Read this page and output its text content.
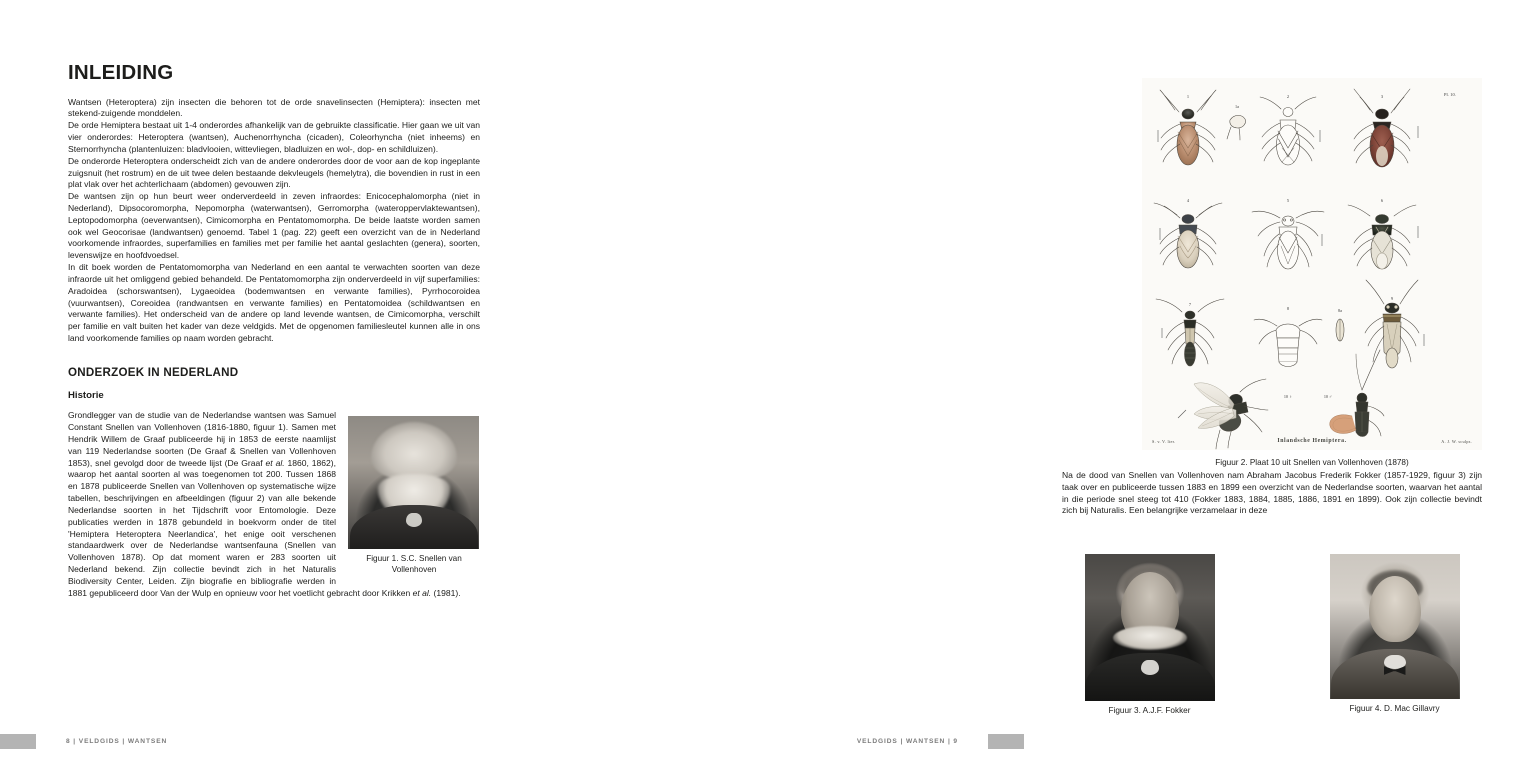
INLEIDING

Wantsen (Heteroptera) zijn insecten die behoren tot de orde snavelinsecten (Hemiptera): insecten met stekend-zuigende monddelen.

De orde Hemiptera bestaat uit 1-4 onderordes afhankelijk van de gebruikte classificatie. Hier gaan we uit van vier onderordes: Heteroptera (wantsen), Auchenorrhyncha (cicaden), Coleorhyncha (niet inheems) en Sternorrhyncha (plantenluizen: bladvlooien, wittevliegen, bladluizen en wol-, dop- en schildluizen).

De onderorde Heteroptera onderscheidt zich van de andere onderordes door de voor aan de kop ingeplante zuigsnuit (het rostrum) en de uit twee delen bestaande dekvleugels (hemelytra), die bovendien in rust in een plat vlak over het achterlichaam (abdomen) gevouwen zijn.

De wantsen zijn op hun beurt weer onderverdeeld in zeven infraordes: Enicocephalomorpha (niet in Nederland), Dipsocoromorpha, Nepomorpha (waterwantsen), Gerromorpha (wateroppervlaktewantsen), Leptopodomorpha (oeverwantsen), Cimicomorpha en Pentatomomorpha. De beide laatste worden samen ook wel Geocorisae (landwantsen) genoemd. Tabel 1 (pag. 22) geeft een overzicht van de in Nederland voorkomende infraordes, superfamilies en families met per familie het aantal geslachten (genera), soorten, levenswijze en hoofdvoedsel.

In dit boek worden de Pentatomomorpha van Nederland en een aantal te verwachten soorten van deze infraorde uit het omliggend gebied behandeld. De Pentatomomorpha zijn onderverdeeld in vijf superfamilies: Aradoidea (schorswantsen), Lygaeoidea (bodemwantsen en verwante families), Pyrrhocoroidea (vuurwantsen), Coreoidea (randwantsen en verwante families) en Pentatomoidea (schildwantsen en verwante families). Het onderscheid van de andere op land levende wantsen, de Cimicomorpha, verschilt per familie en valt buiten het kader van deze veldgids. Met de opgenomen familiesleutel kunnen alle in ons land voorkomende families op naam worden gebracht.

ONDERZOEK IN NEDERLAND
Historie
Figuur 1. S.C. Snellen van Vollenhoven

Grondlegger van de studie van de Nederlandse wantsen was Samuel Constant Snellen van Vollenhoven (1816-1880, figuur 1). Samen met Hendrik Willem de Graaf publiceerde hij in 1853 de eerste naamlijst van 119 Nederlandse soorten (De Graaf & Snellen van Vollenhoven 1853), snel gevolgd door de tweede lijst (De Graaf et al. 1860, 1862), waarop het aantal soorten al was toegenomen tot 200. Tussen 1868 en 1878 publiceerde Snellen van Vollenhoven op systematische wijze tabellen, beschrijvingen en afbeeldingen (figuur 2) van alle bekende Nederlandse soorten in het Tijdschrift voor Entomologie. Deze publicaties werden in 1878 gebundeld in boekvorm onder de titel 'Hemiptera Heteroptera Neerlandica', het enige ooit verschenen standaardwerk over de Nederlandse wantsenfauna (Snellen van Vollenhoven 1878). Op dat moment waren er 283 soorten uit Nederland bekend. Zijn collectie bevindt zich in het Naturalis Biodiversity Center, Leiden. Zijn biografie en bibliografie werden in 1881 gepubliceerd door Van der Wulp en opnieuw voor het voetlicht gebracht door Krikken et al. (1981).

8 | VELDGIDS | WANTSEN
Pl. 10.
1
1a
2	3
4	5	6
7
8	8a
9
10 ♀	10 ♂
S. v. V. lier.	Inlandsche Hemiptera.	A. J. W. sculps.
Figuur 2. Plaat 10 uit Snellen van Vollenhoven (1878)

Na de dood van Snellen van Vollenhoven nam Abraham Jacobus Frederik Fokker (1857-1929, figuur 3) zijn taak over en publiceerde tussen 1883 en 1899 een overzicht van de Nederlandse soorten, waarvan het aantal in die periode snel steeg tot 410 (Fokker 1883, 1884, 1885, 1886, 1891 en 1899). Ook zijn collectie bevindt zich bij Naturalis. Een belangrijke verzamelaar in deze

Figuur 3. A.J.F. Fokker	Figuur 4. D. Mac Gillavry
VELDGIDS | WANTSEN | 9
